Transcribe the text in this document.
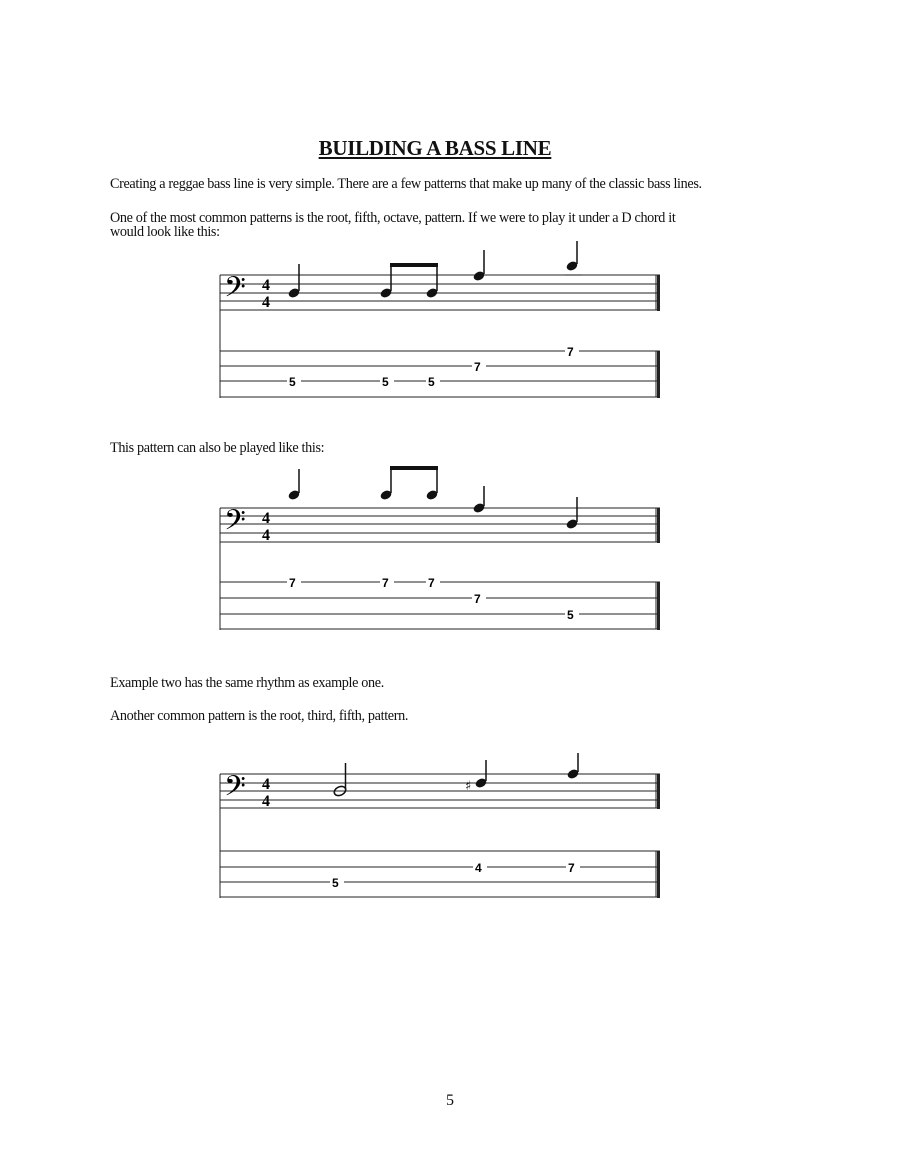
BUILDING A BASS LINE
Creating a reggae bass line is very simple. There are a few patterns that make up many of the classic bass lines.
One of the most common patterns is the root, fifth, octave, pattern. If we were to play it under a D chord it
would look like this:
𝄢 4
4
5	5	5
7
7
This pattern can also be played like this:
𝄢 4
4
7	7	7
7
5
Example two has the same rhythm as example one.
Another common pattern is the root, third, fifth, pattern.
𝄢 4
4
♯
5
4	7
5
